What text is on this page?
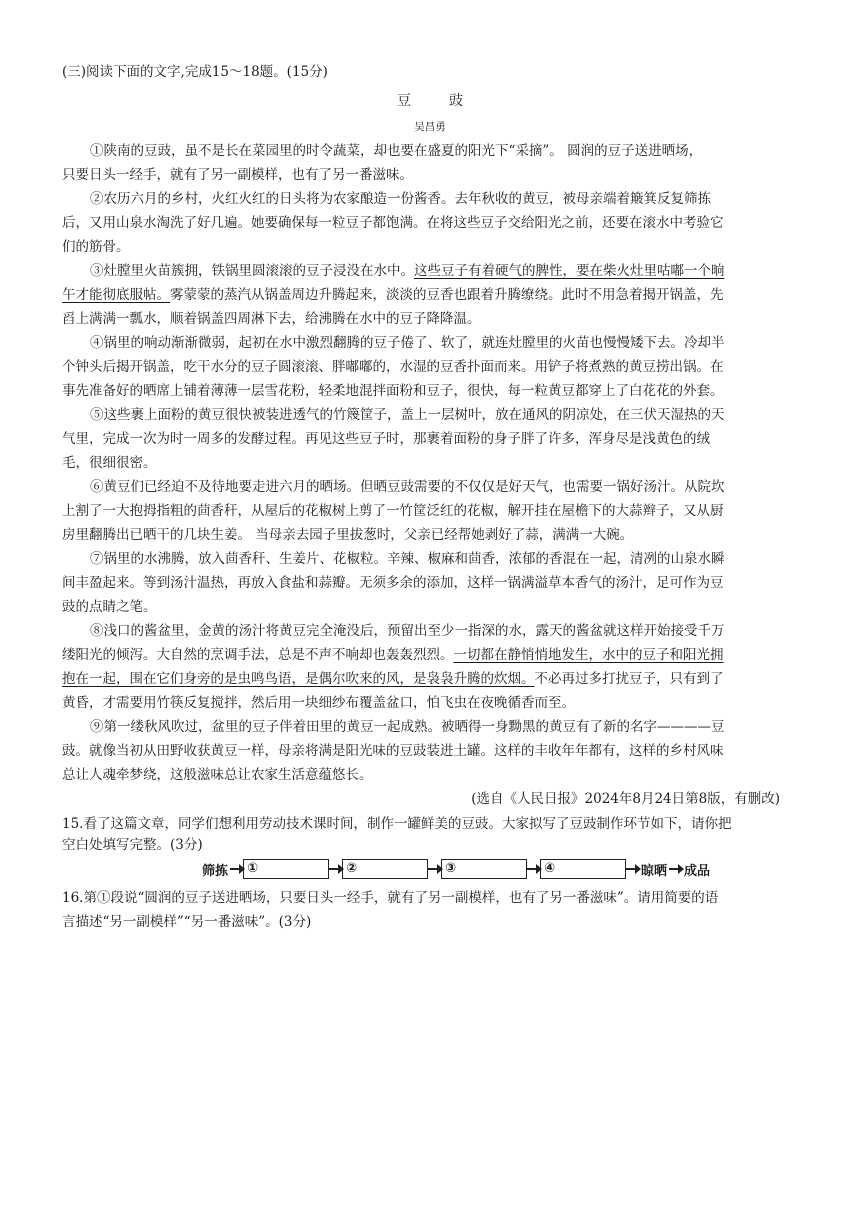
(三)阅读下面的文字,完成15～18题。(15分)
豆	豉
吴昌勇
①陕南的豆豉，虽不是长在菜园里的时令蔬菜，却也要在盛夏的阳光下“采摘”。 圆润的豆子送进晒场，
只要日头一经手，就有了另一副模样，也有了另一番滋味。
②农历六月的乡村，火红火红的日头将为农家酿造一份酱香。去年秋收的黄豆，被母亲端着簸箕反复筛拣
后，又用山泉水淘洗了好几遍。她要确保每一粒豆子都饱满。在将这些豆子交给阳光之前，还要在滚水中考验它
们的筋骨。
③灶膛里火苗簇拥，铁锅里圆滚滚的豆子浸没在水中。这些豆子有着硬气的脾性，要在柴火灶里咕嘟一个晌
午才能彻底服帖。雾蒙蒙的蒸汽从锅盖周边升腾起来，淡淡的豆香也跟着升腾缭绕。此时不用急着揭开锅盖，先
舀上满满一瓢水，顺着锅盖四周淋下去，给沸腾在水中的豆子降降温。
④锅里的响动渐渐微弱，起初在水中激烈翻腾的豆子倦了、软了，就连灶膛里的火苗也慢慢矮下去。冷却半
个钟头后揭开锅盖，吃干水分的豆子圆滚滚、胖嘟嘟的，水湿的豆香扑面而来。用铲子将煮熟的黄豆捞出锅。在
事先准备好的晒席上铺着薄薄一层雪花粉，轻柔地混拌面粉和豆子，很快，每一粒黄豆都穿上了白花花的外套。
⑤这些裹上面粉的黄豆很快被装进透气的竹篾筐子，盖上一层树叶，放在通风的阴凉处，在三伏天湿热的天
气里，完成一次为时一周多的发酵过程。再见这些豆子时，那裹着面粉的身子胖了许多，浑身尽是浅黄色的绒
毛，很细很密。
⑥黄豆们已经迫不及待地要走进六月的晒场。但晒豆豉需要的不仅仅是好天气，也需要一锅好汤汁。从院坎
上割了一大抱拇指粗的茴香秆，从屋后的花椒树上剪了一竹筐泛红的花椒，解开挂在屋檐下的大蒜辫子，又从厨
房里翻腾出已晒干的几块生姜。 当母亲去园子里拔葱时，父亲已经帮她剥好了蒜，满满一大碗。
⑦锅里的水沸腾，放入茴香秆、生姜片、花椒粒。辛辣、椒麻和茴香，浓郁的香混在一起，清冽的山泉水瞬
间丰盈起来。等到汤汁温热，再放入食盐和蒜瓣。无须多余的添加，这样一锅满溢草本香气的汤汁，足可作为豆
豉的点睛之笔。
⑧浅口的酱盆里，金黄的汤汁将黄豆完全淹没后，预留出至少一指深的水，露天的酱盆就这样开始接受千万
缕阳光的倾泻。大自然的烹调手法，总是不声不响却也轰轰烈烈。一切都在静悄悄地发生，水中的豆子和阳光拥
抱在一起，围在它们身旁的是虫鸣鸟语，是偶尔吹来的风，是袅袅升腾的炊烟。不必再过多打扰豆子，只有到了
黄昏，才需要用竹筷反复搅拌，然后用一块细纱布覆盖盆口，怕飞虫在夜晚循香而至。
⑨第一缕秋风吹过，盆里的豆子伴着田里的黄豆一起成熟。被晒得一身黝黑的黄豆有了新的名字————豆
豉。就像当初从田野收获黄豆一样，母亲将满是阳光味的豆豉装进土罐。这样的丰收年年都有，这样的乡村风味
总让人魂牵梦绕，这般滋味总让农家生活意蕴悠长。
(选自《人民日报》2024年8月24日第8版，有删改)
15.看了这篇文章，同学们想利用劳动技术课时间，制作一罐鲜美的豆豉。大家拟写了豆豉制作环节如下，请你把
空白处填写完整。(3分)
筛拣 ①	②	③	④	晾晒 成品
16.第①段说“圆润的豆子送进晒场，只要日头一经手，就有了另一副模样，也有了另一番滋味”。请用简要的语
言描述“另一副模样”“另一番滋味”。(3分)
